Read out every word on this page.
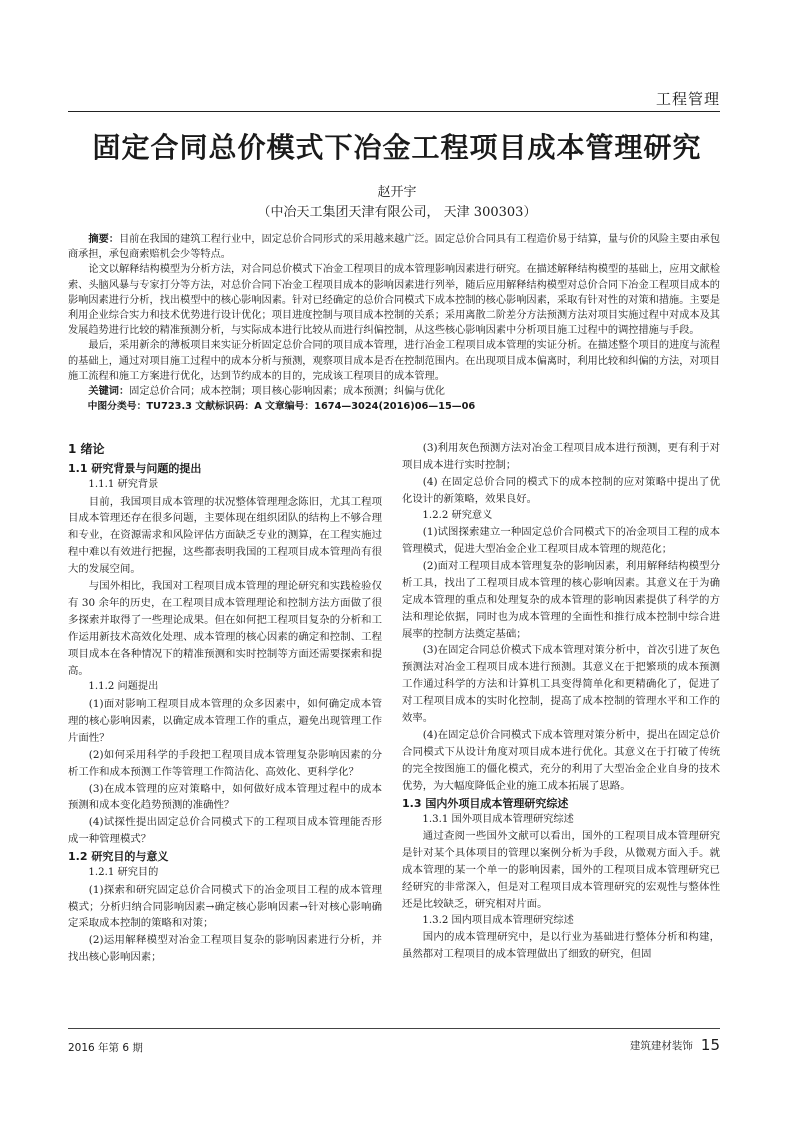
工程管理
固定合同总价模式下冶金工程项目成本管理研究
赵开宇
（中冶天工集团天津有限公司， 天津 300303）

摘要：目前在我国的建筑工程行业中，固定总价合同形式的采用越来越广泛。固定总价合同具有工程造价易于结算，量与价的风险主要由承包商承担，承包商索赔机会少等特点。

论文以解释结构模型为分析方法，对合同总价模式下冶金工程项目的成本管理影响因素进行研究。在描述解释结构模型的基础上，应用文献检索、头脑风暴与专家打分等方法，对总价合同下冶金工程项目成本的影响因素进行列举，随后应用解释结构模型对总价合同下冶金工程项目成本的影响因素进行分析，找出模型中的核心影响因素。针对已经确定的总价合同模式下成本控制的核心影响因素，采取有针对性的对策和措施。主要是利用企业综合实力和技术优势进行设计优化；项目进度控制与项目成本控制的关系；采用离散二阶差分方法预测方法对项目实施过程中对成本及其发展趋势进行比较的精准预测分析，与实际成本进行比较从而进行纠偏控制，从这些核心影响因素中分析项目施工过程中的调控措施与手段。

最后，采用新余的薄板项目来实证分析固定总价合同的项目成本管理，进行冶金工程项目成本管理的实证分析。在描述整个项目的进度与流程的基础上，通过对项目施工过程中的成本分析与预测，观察项目成本是否在控制范围内。在出现项目成本偏离时，利用比较和纠偏的方法，对项目施工流程和施工方案进行优化，达到节约成本的目的，完成该工程项目的成本管理。

关键词：固定总价合同；成本控制；项目核心影响因素；成本预测；纠偏与优化

中图分类号：TU723.3 文献标识码：A 文章编号：1674—3024(2016)06—15—06

1 绪论
1.1 研究背景与问题的提出
1.1.1 研究背景

目前，我国项目成本管理的状况整体管理理念陈旧，尤其工程项目成本管理还存在很多问题，主要体现在组织团队的结构上不够合理和专业，在资源需求和风险评估方面缺乏专业的测算，在工程实施过程中难以有效进行把握，这些都表明我国的工程项目成本管理尚有很大的发展空间。

与国外相比，我国对工程项目成本管理的理论研究和实践检验仅有 30 余年的历史，在工程项目成本管理理论和控制方法方面做了很多探索并取得了一些理论成果。但在如何把工程项目复杂的分析和工作运用新技术高效化处理、成本管理的核心因素的确定和控制、工程项目成本在各种情况下的精准预测和实时控制等方面还需要探索和提高。

1.1.2 问题提出

(1)面对影响工程项目成本管理的众多因素中，如何确定成本管理的核心影响因素，以确定成本管理工作的重点，避免出现管理工作片面性？

(2)如何采用科学的手段把工程项目成本管理复杂影响因素的分析工作和成本预测工作等管理工作简洁化、高效化、更科学化？

(3)在成本管理的应对策略中，如何做好成本管理过程中的成本预测和成本变化趋势预测的准确性？

(4)试探性提出固定总价合同模式下的工程项目成本管理能否形成一种管理模式？

1.2 研究目的与意义
1.2.1 研究目的

(1)探索和研究固定总价合同模式下的冶金项目工程的成本管理模式；分析归纳合同影响因素→确定核心影响因素→针对核心影响确定采取成本控制的策略和对策；

(2)运用解释模型对冶金工程项目复杂的影响因素进行分析，并找出核心影响因素；

(3)利用灰色预测方法对冶金工程项目成本进行预测，更有利于对项目成本进行实时控制；

(4) 在固定总价合同的模式下的成本控制的应对策略中提出了优化设计的新策略，效果良好。

1.2.2 研究意义

(1)试图探索建立一种固定总价合同模式下的冶金项目工程的成本管理模式，促进大型冶金企业工程项目成本管理的规范化；

(2)面对工程项目成本管理复杂的影响因素，利用解释结构模型分析工具，找出了工程项目成本管理的核心影响因素。其意义在于为确定成本管理的重点和处理复杂的成本管理的影响因素提供了科学的方法和理论依据，同时也为成本管理的全面性和推行成本控制中综合进展率的控制方法奠定基础；

(3)在固定合同总价模式下成本管理对策分析中，首次引进了灰色预测法对冶金工程项目成本进行预测。其意义在于把繁琐的成本预测工作通过科学的方法和计算机工具变得简单化和更精确化了，促进了对工程项目成本的实时化控制，提高了成本控制的管理水平和工作的效率。

(4)在固定总价合同模式下成本管理对策分析中，提出在固定总价合同模式下从设计角度对项目成本进行优化。其意义在于打破了传统的完全按图施工的僵化模式，充分的利用了大型冶金企业自身的技术优势，为大幅度降低企业的施工成本拓展了思路。

1.3 国内外项目成本管理研究综述
1.3.1 国外项目成本管理研究综述

通过查阅一些国外文献可以看出，国外的工程项目成本管理研究是针对某个具体项目的管理以案例分析为手段，从微观方面入手。就成本管理的某一个单一的影响因素，国外的工程项目成本管理研究已经研究的非常深入，但是对工程项目成本管理研究的宏观性与整体性还是比较缺乏，研究相对片面。

1.3.2 国内项目成本管理研究综述

国内的成本管理研究中，是以行业为基础进行整体分析和构建，虽然都对工程项目的成本管理做出了细致的研究，但固

2016 年第 6 期	建筑建材装饰 15
